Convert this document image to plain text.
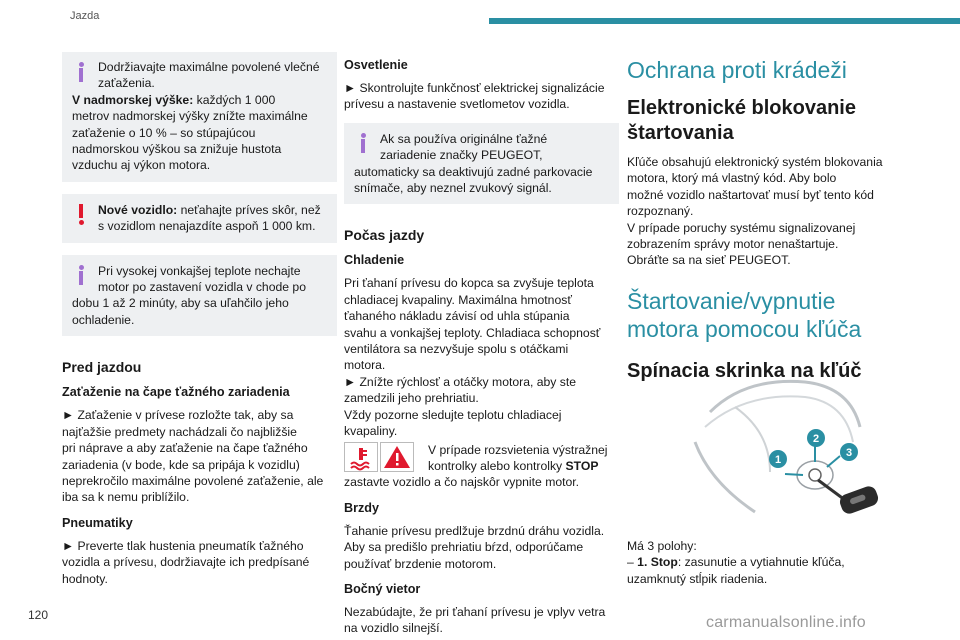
Jazda
Dodržiavajte maximálne povolené vlečné
zaťaženia.
V nadmorskej výške: každých 1 000
metrov nadmorskej výšky znížte maximálne
zaťaženie o 10 % – so stúpajúcou
nadmorskou výškou sa znižuje hustota
vzduchu aj výkon motora.
Nové vozidlo: neťahajte príves skôr, než
s vozidlom nenajazdíte aspoň 1 000 km.
Pri vysokej vonkajšej teplote nechajte
motor po zastavení vozidla v chode po
dobu 1 až 2 minúty, aby sa uľahčilo jeho
ochladenie.
Pred jazdou
Zaťaženie na čape ťažného zariadenia
► Zaťaženie v prívese rozložte tak, aby sa
najťažšie predmety nachádzali čo najbližšie
pri náprave a aby zaťaženie na čape ťažného
zariadenia (v bode, kde sa pripája k vozidlu)
neprekročilo maximálne povolené zaťaženie, ale
iba sa k nemu priblížilo.
Pneumatiky
► Preverte tlak hustenia pneumatík ťažného
vozidla a prívesu, dodržiavajte ich predpísané
hodnoty.
Osvetlenie
► Skontrolujte funkčnosť elektrickej signalizácie
prívesu a nastavenie svetlometov vozidla.
Ak sa používa originálne ťažné
zariadenie značky PEUGEOT,
automaticky sa deaktivujú zadné parkovacie
snímače, aby neznel zvukový signál.
Počas jazdy
Chladenie
Pri ťahaní prívesu do kopca sa zvyšuje teplota
chladiacej kvapaliny. Maximálna hmotnosť
ťahaného nákladu závisí od uhla stúpania
svahu a vonkajšej teploty. Chladiaca schopnosť
ventilátora sa nezvyšuje spolu s otáčkami
motora.
► Znížte rýchlosť a otáčky motora, aby ste
zamedzili jeho prehriatiu.
Vždy pozorne sledujte teplotu chladiacej
kvapaliny.
V prípade rozsvietenia výstražnej
kontrolky alebo kontrolky STOP
zastavte vozidlo a čo najskôr vypnite motor.
Brzdy
Ťahanie prívesu predlžuje brzdnú dráhu vozidla.
Aby sa predišlo prehriatiu bŕzd, odporúčame
používať brzdenie motorom.
Bočný vietor
Nezabúdajte, že pri ťahaní prívesu je vplyv vetra
na vozidlo silnejší.
Ochrana proti krádeži
Elektronické blokovanie
štartovania
Kľúče obsahujú elektronický systém blokovania
motora, ktorý má vlastný kód. Aby bolo
možné vozidlo naštartovať musí byť tento kód
rozpoznaný.
V prípade poruchy systému signalizovanej
zobrazením správy motor nenaštartuje.
Obráťte sa na sieť PEUGEOT.
Štartovanie/vypnutie
motora pomocou kľúča
Spínacia skrinka na kľúč
1
2
3
Má 3 polohy:
– 1. Stop: zasunutie a vytiahnutie kľúča,
uzamknutý stĺpik riadenia.
120	carmanualsonline.info
